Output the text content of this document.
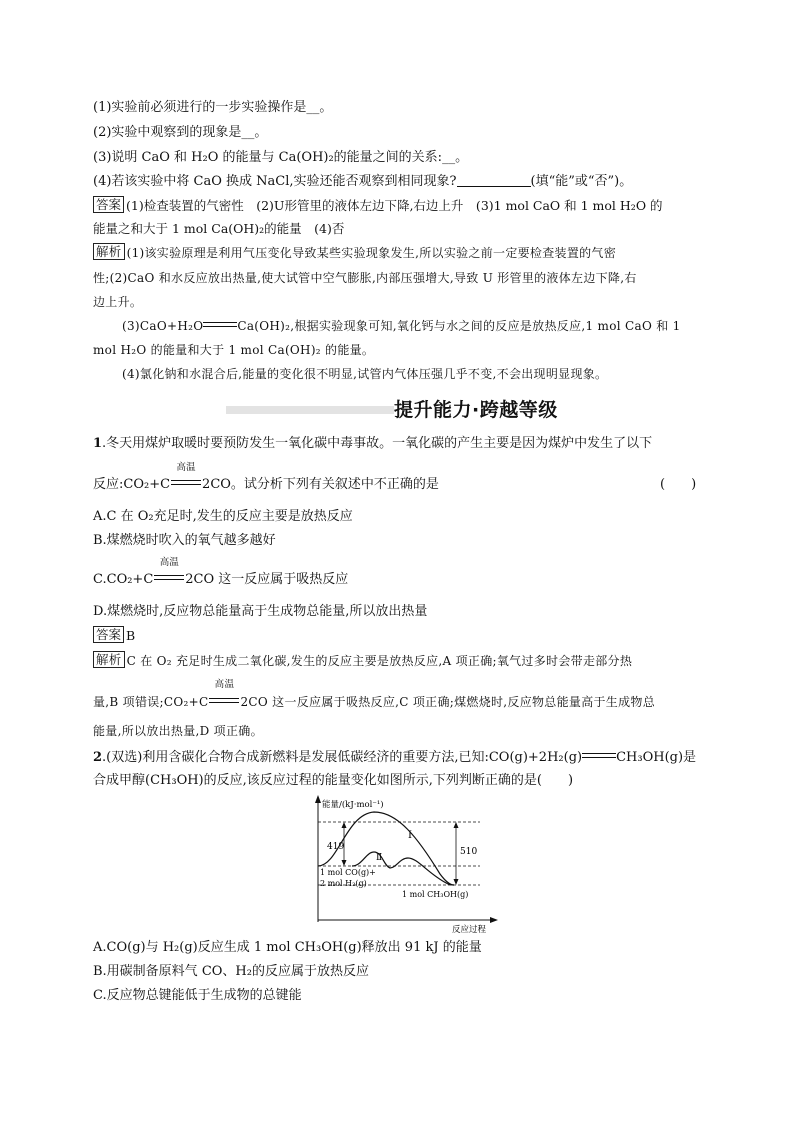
(1)实验前必须进行的一步实验操作是__。
(2)实验中观察到的现象是__。
(3)说明 CaO 和 H₂O 的能量与 Ca(OH)₂的能量之间的关系:__。
(4)若该实验中将 CaO 换成 NaCl,实验还能否观察到相同现象?	(填“能”或“否”)。
答案 (1)检查装置的气密性　(2)U形管里的液体左边下降,右边上升　(3)1 mol CaO 和 1 mol H₂O 的
能量之和大于 1 mol Ca(OH)₂的能量　(4)否
解析 (1)该实验原理是利用气压变化导致某些实验现象发生,所以实验之前一定要检查装置的气密
性;(2)CaO 和水反应放出热量,使大试管中空气膨胀,内部压强增大,导致 U 形管里的液体左边下降,右
边上升。
(3)CaO+H₂O	Ca(OH)₂,根据实验现象可知,氧化钙与水之间的反应是放热反应,1 mol CaO 和 1
mol H₂O 的能量和大于 1 mol Ca(OH)₂ 的能量。
(4)氯化钠和水混合后,能量的变化很不明显,试管内气体压强几乎不变,不会出现明显现象。
提升能力·跨越等级
1.冬天用煤炉取暖时要预防发生一氧化碳中毒事故。一氧化碳的产生主要是因为煤炉中发生了以下
反应:CO₂+C
高温
2CO。试分析下列有关叙述中不正确的是	(　　)
A.C 在 O₂充足时,发生的反应主要是放热反应
B.煤燃烧时吹入的氧气越多越好
C.CO₂+C
高温
2CO 这一反应属于吸热反应
D.煤燃烧时,反应物总能量高于生成物总能量,所以放出热量
答案 B
解析 C 在 O₂ 充足时生成二氧化碳,发生的反应主要是放热反应,A 项正确;氧气过多时会带走部分热
量,B 项错误;CO₂+C
高温
2CO 这一反应属于吸热反应,C 项正确;煤燃烧时,反应物总能量高于生成物总
能量,所以放出热量,D 项正确。
2.(双选)利用含碳化合物合成新燃料是发展低碳经济的重要方法,已知:CO(g)+2H₂(g)	CH₃OH(g)是
合成甲醇(CH₃OH)的反应,该反应过程的能量变化如图所示,下列判断正确的是(　　)
能量/(kJ·mol⁻¹)
反应过程
419	510
Ⅰ
Ⅱ
1 mol CO(g)+
2 mol H₂(g)
1 mol CH₃OH(g)
A.CO(g)与 H₂(g)反应生成 1 mol CH₃OH(g)释放出 91 kJ 的能量
B.用碳制备原料气 CO、H₂的反应属于放热反应
C.反应物总键能低于生成物的总键能
